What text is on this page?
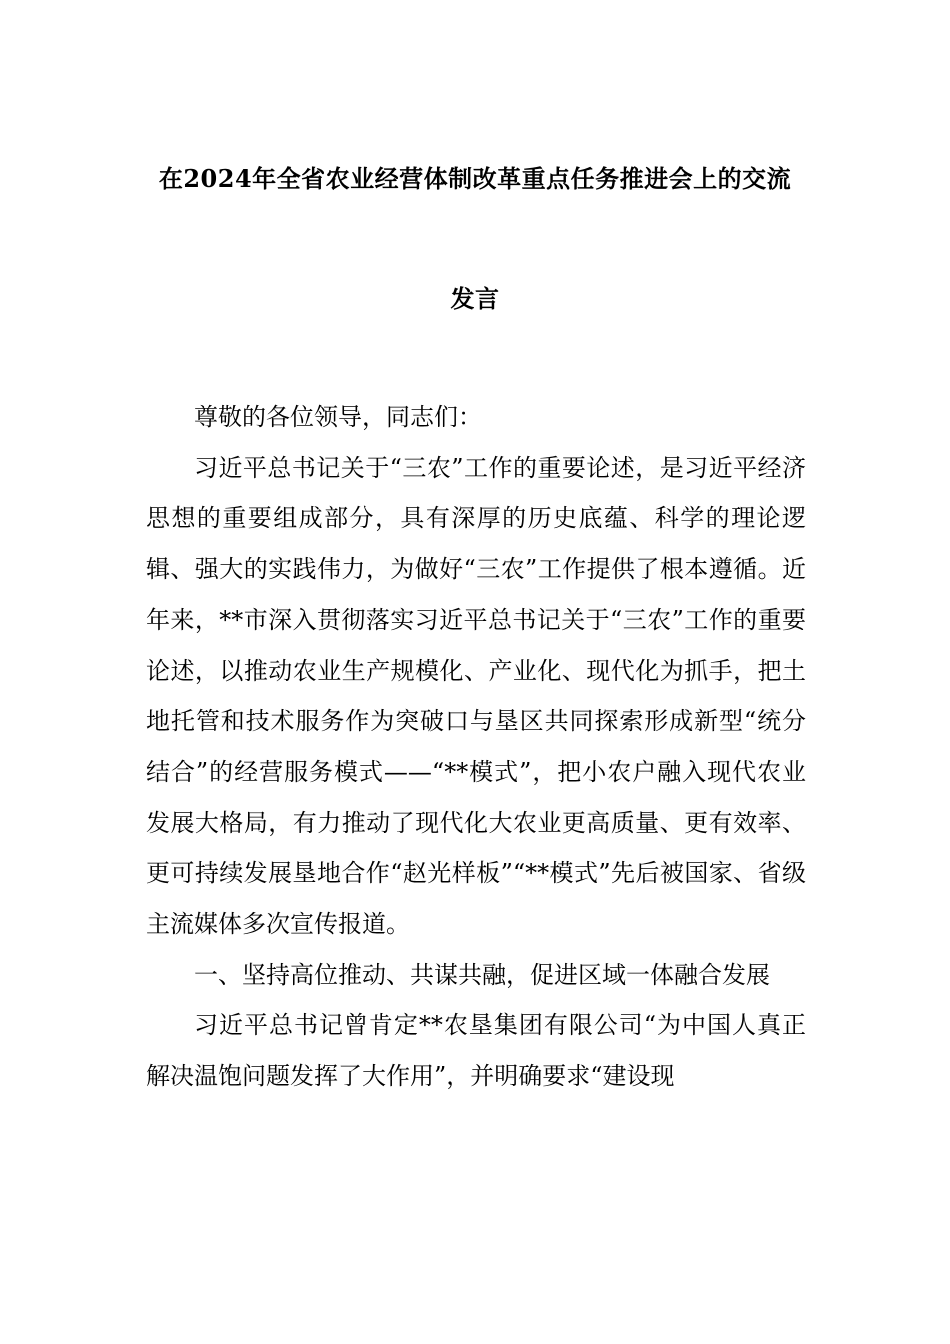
在2024年全省农业经营体制改革重点任务推进会上的交流
发言

尊敬的各位领导，同志们：

习近平总书记关于“三农”工作的重要论述，是习近平经济思想的重要组成部分，具有深厚的历史底蕴、科学的理论逻辑、强大的实践伟力，为做好“三农”工作提供了根本遵循。近年来，**市深入贯彻落实习近平总书记关于“三农”工作的重要论述，以推动农业生产规模化、产业化、现代化为抓手，把土地托管和技术服务作为突破口与垦区共同探索形成新型“统分结合”的经营服务模式——“**模式”，把小农户融入现代农业发展大格局，有力推动了现代化大农业更高质量、更有效率、更可持续发展垦地合作“赵光样板”“**模式”先后被国家、省级主流媒体多次宣传报道。

一、坚持高位推动、共谋共融，促进区域一体融合发展

习近平总书记曾肯定**农垦集团有限公司“为中国人真正解决温饱问题发挥了大作用”，并明确要求“建设现
